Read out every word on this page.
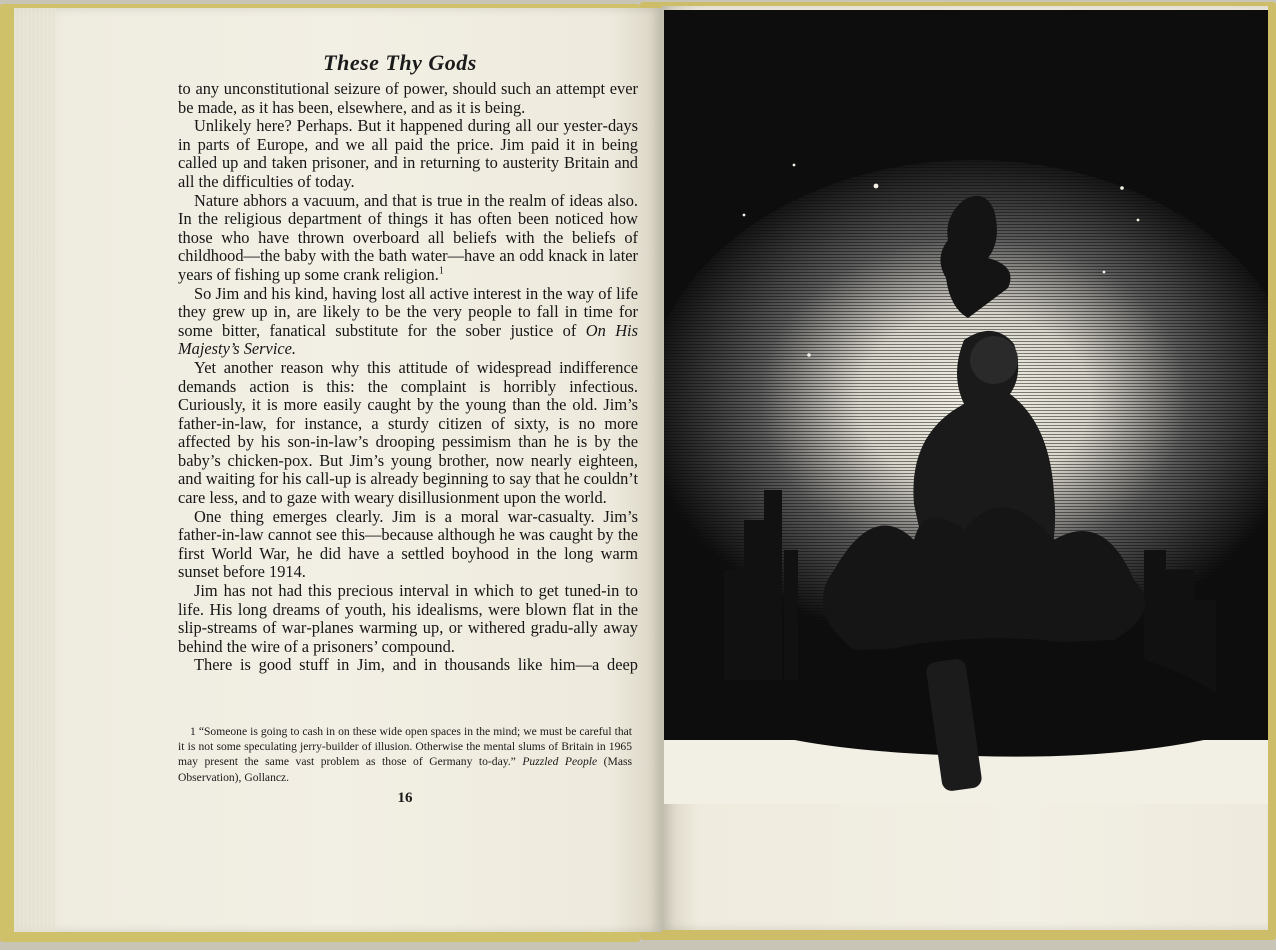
These Thy Gods

to any unconstitutional seizure of power, should such an attempt ever be made, as it has been, elsewhere, and as it is being.

Unlikely here? Perhaps. But it happened during all our yester‐days in parts of Europe, and we all paid the price. Jim paid it in being called up and taken prisoner, and in returning to austerity Britain and all the difficulties of today.

Nature abhors a vacuum, and that is true in the realm of ideas also. In the religious department of things it has often been noticed how those who have thrown overboard all beliefs with the beliefs of childhood—the baby with the bath water—have an odd knack in later years of fishing up some crank religion.$^1$

So Jim and his kind, having lost all active interest in the way of life they grew up in, are likely to be the very people to fall in time for some bitter, fanatical substitute for the sober justice of On His Majesty’s Service.

Yet another reason why this attitude of widespread indifference demands action is this: the complaint is horribly infectious. Curiously, it is more easily caught by the young than the old. Jim’s father‐in‐law, for instance, a sturdy citizen of sixty, is no more affected by his son‐in‐law’s drooping pessimism than he is by the baby’s chicken‐pox. But Jim’s young brother, now nearly eighteen, and waiting for his call‐up is already beginning to say that he couldn’t care less, and to gaze with weary disillusionment upon the world.

One thing emerges clearly. Jim is a moral war‐casualty. Jim’s father‐in‐law cannot see this—because although he was caught by the first World War, he did have a settled boyhood in the long warm sunset before 1914.

Jim has not had this precious interval in which to get tuned‐in to life. His long dreams of youth, his idealisms, were blown flat in the slip‐streams of war‐planes warming up, or withered gradu‐ally away behind the wire of a prisoners’ compound.

There is good stuff in Jim, and in thousands like him—a deep

1 “Someone is going to cash in on these wide open spaces in the mind; we must be careful that it is not some speculating jerry-builder of illusion. Otherwise the mental slums of Britain in 1965 may present the same vast problem as those of Germany to-day.” Puzzled People (Mass Observation), Gollancz.

16
